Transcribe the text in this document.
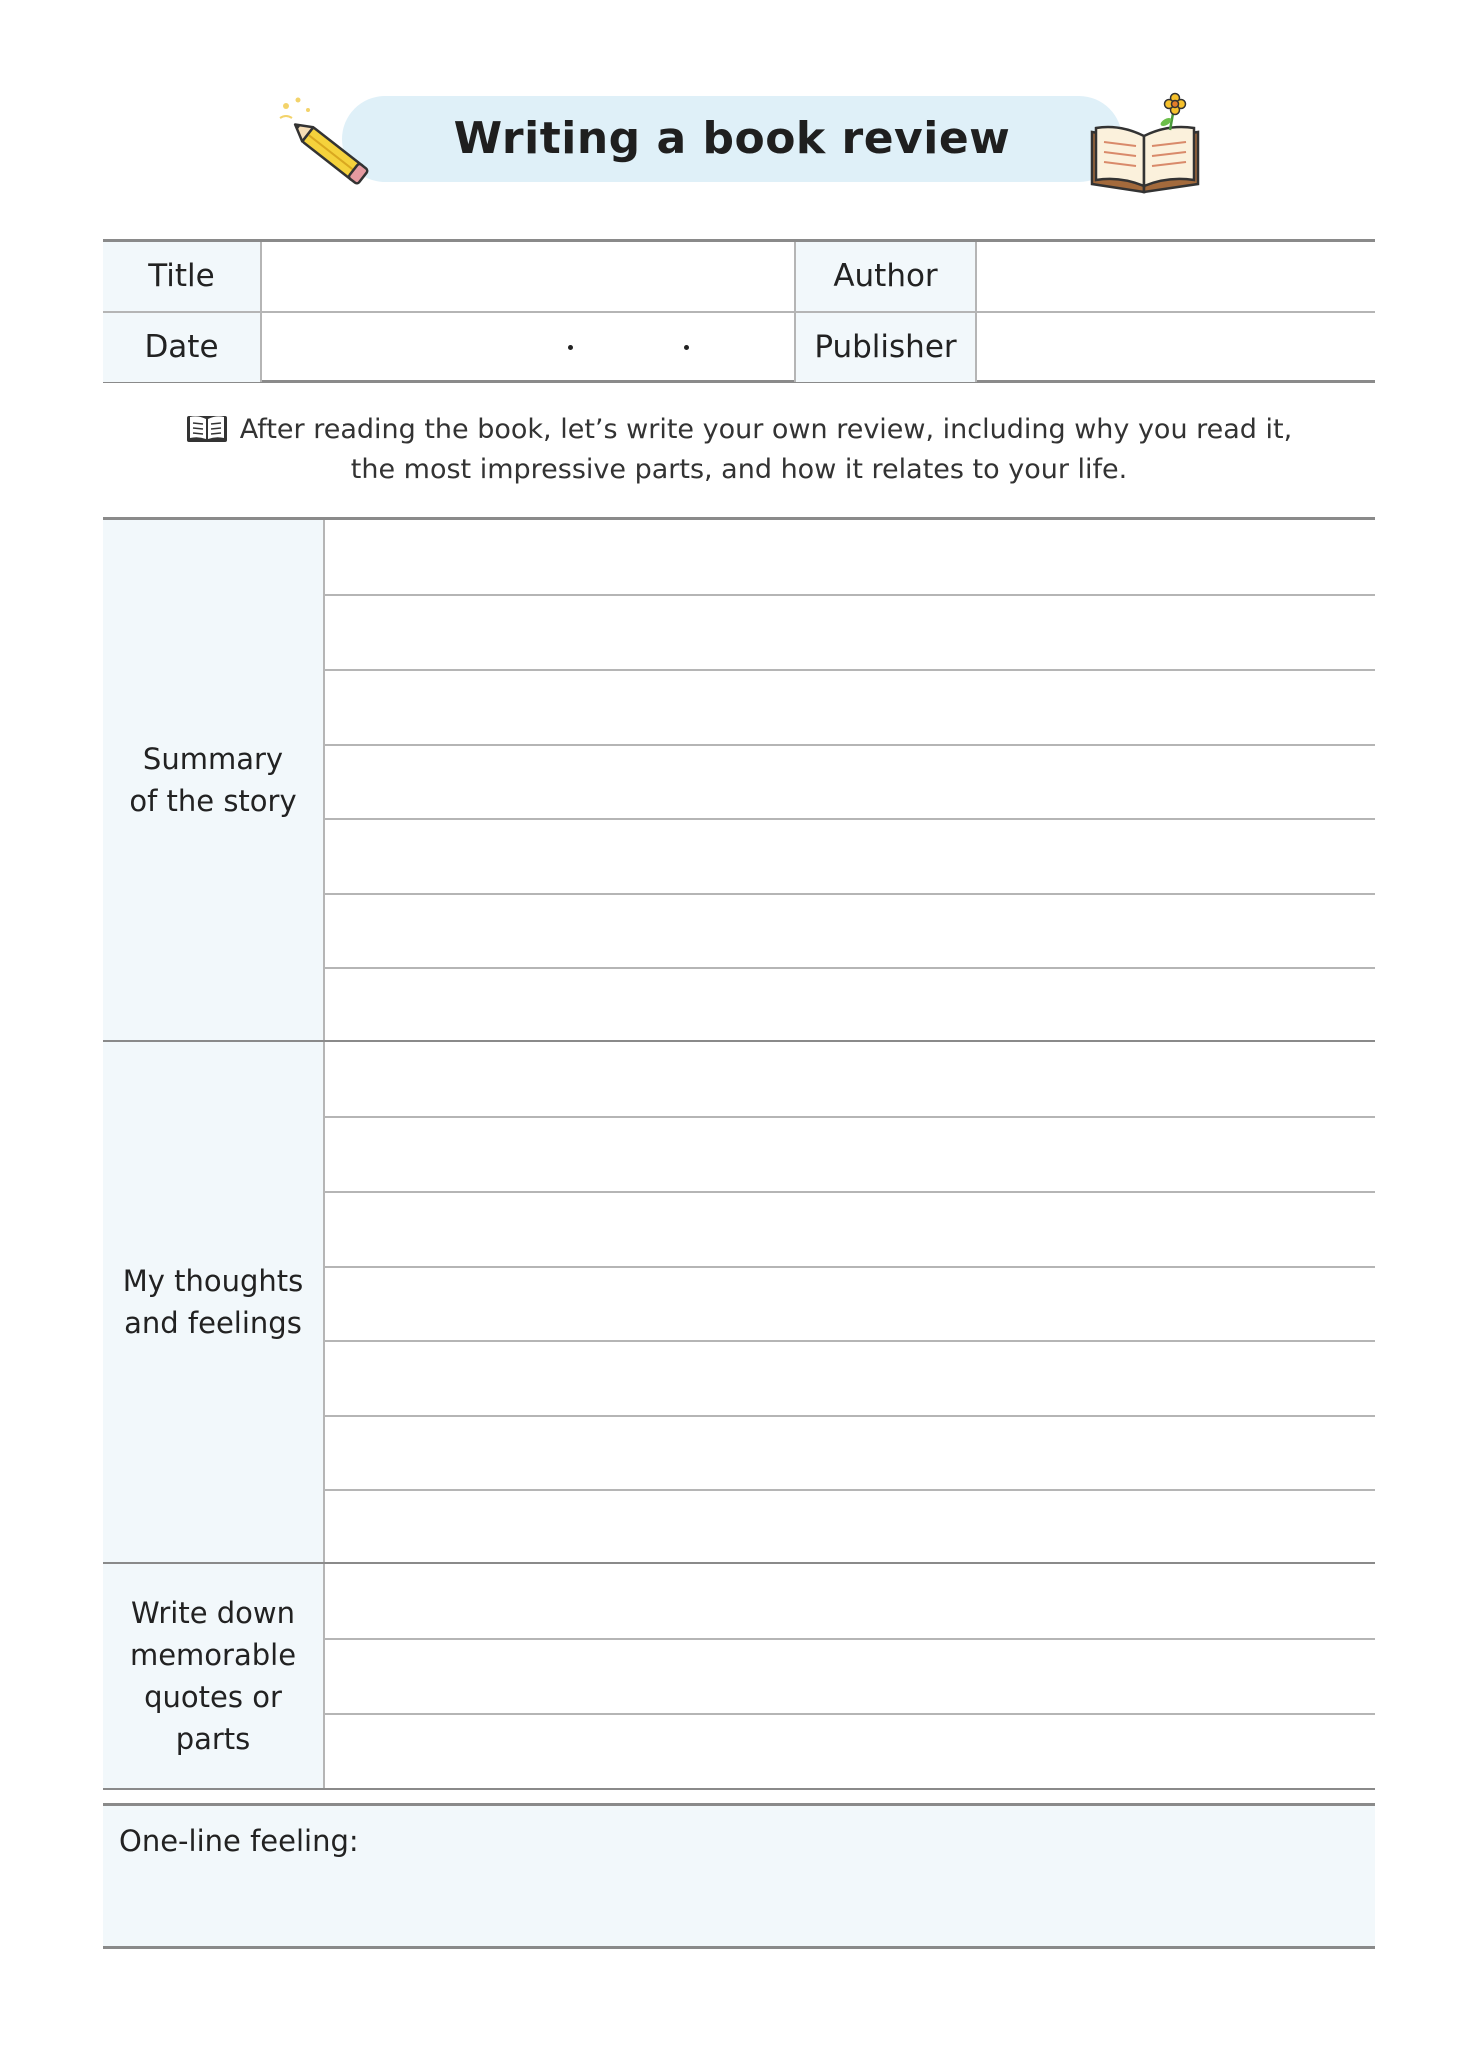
Writing a book review
Title	Author
Date	Publisher
After reading the book, let’s write your own review, including why you read it,
the most impressive parts, and how it relates to your life.
Summary
of the story
My thoughts
and feelings
Write down
memorable
quotes or parts
One-line feeling:
